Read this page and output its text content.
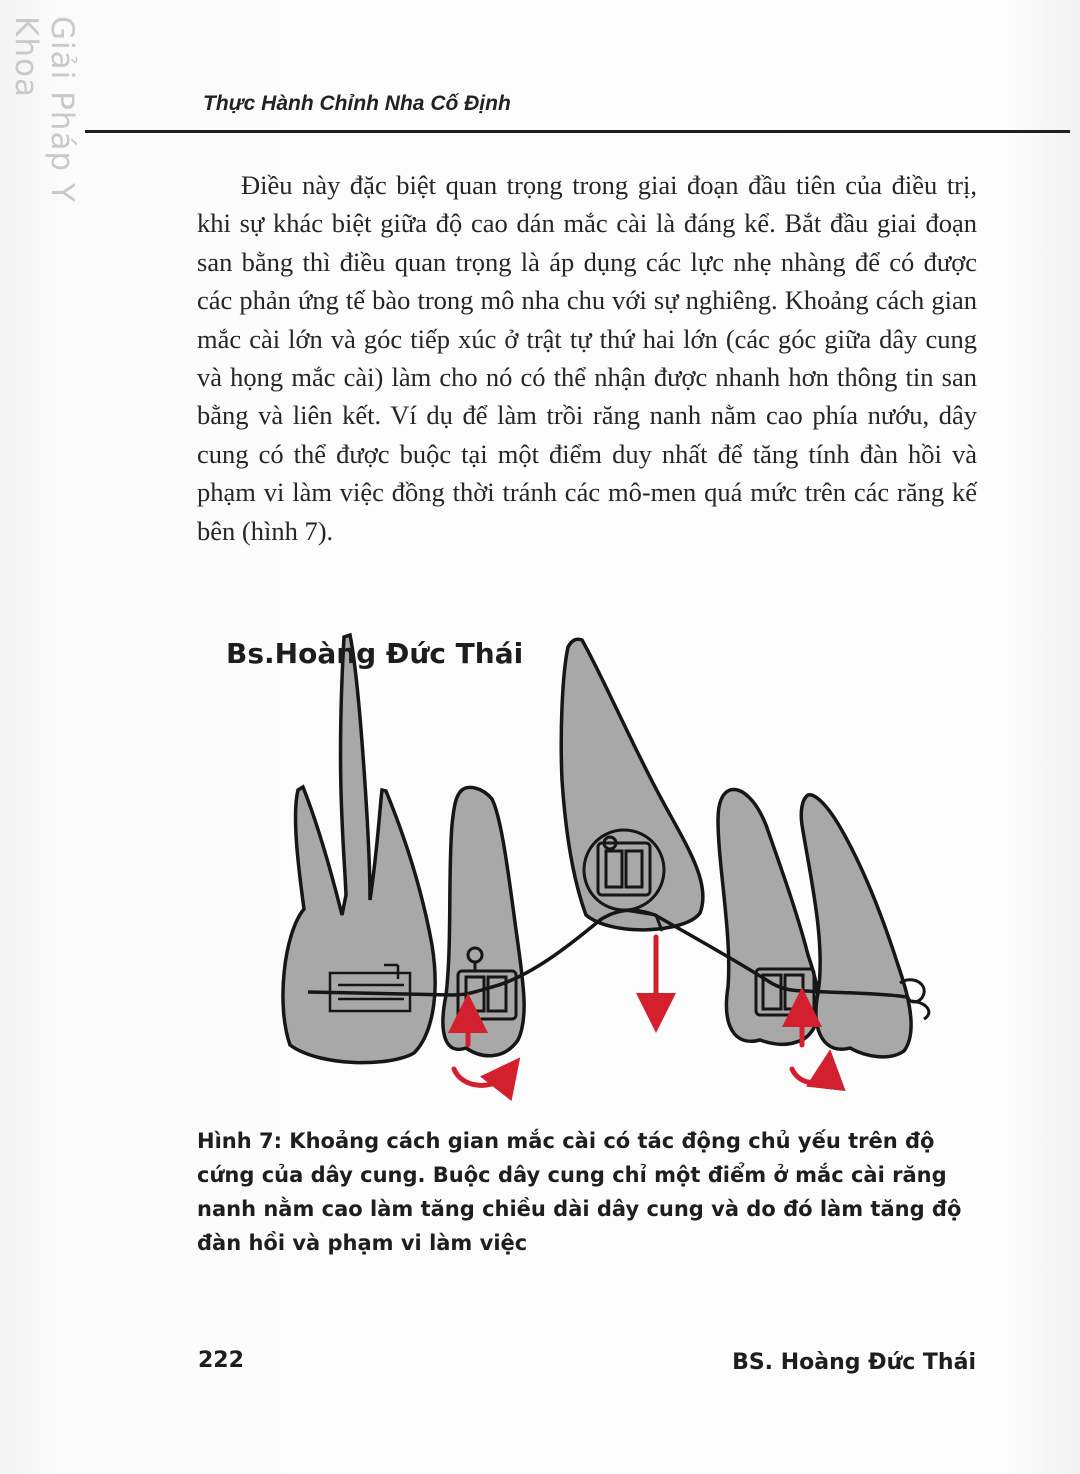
Giải Pháp Y Khoa
Thực Hành Chỉnh Nha Cố Định

Điều này đặc biệt quan trọng trong giai đoạn đầu tiên của điều trị, khi sự khác biệt giữa độ cao dán mắc cài là đáng kể. Bắt đầu giai đoạn san bằng thì điều quan trọng là áp dụng các lực nhẹ nhàng để có được các phản ứng tế bào trong mô nha chu với sự nghiêng. Khoảng cách gian mắc cài lớn và góc tiếp xúc ở trật tự thứ hai lớn (các góc giữa dây cung và họng mắc cài) làm cho nó có thể nhận được nhanh hơn thông tin san bằng và liên kết. Ví dụ để làm trồi răng nanh nằm cao phía nướu, dây cung có thể được buộc tại một điểm duy nhất để tăng tính đàn hồi và phạm vi làm việc đồng thời tránh các mô-men quá mức trên các răng kế bên (hình 7).

Bs.Hoàng Đức Thái

Hình 7: Khoảng cách gian mắc cài có tác động chủ yếu trên độ cứng của dây cung. Buộc dây cung chỉ một điểm ở mắc cài răng nanh nằm cao làm tăng chiều dài dây cung và do đó làm tăng độ đàn hồi và phạm vi làm việc

222	BS. Hoàng Đức Thái
